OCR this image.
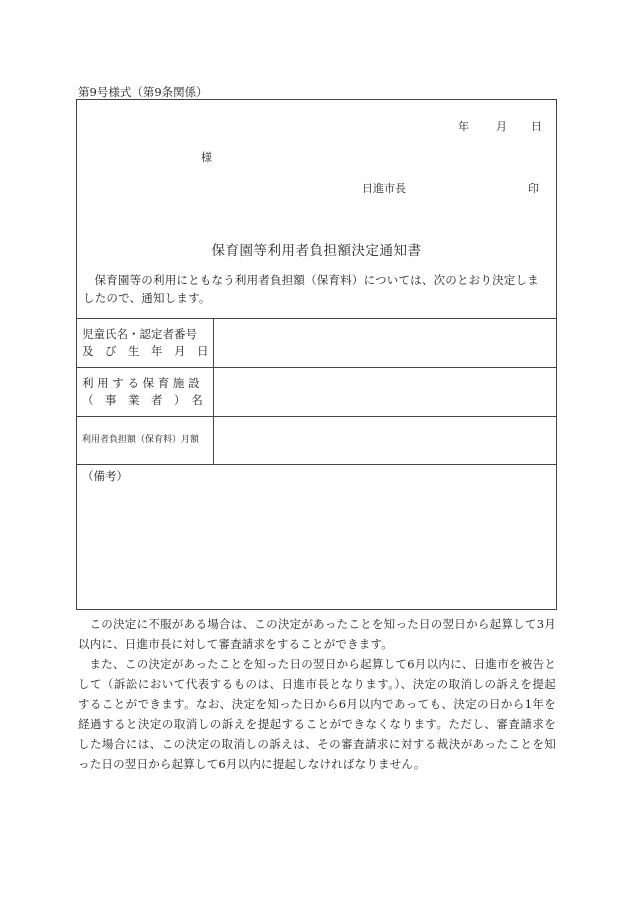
第9号様式（第9条関係）
年 月 日
様
日進市長	印
保育園等利用者負担額決定通知書
保育園等の利用にともなう利用者負担額（保育料）については、次のとおり決定しましたので、通知します。
児童氏名・認定者番号
及　び　生　年　月　日
利 用 す る 保 育 施 設
（　事　業　者　）　名
利用者負担額（保育料）月額
（備考）

この決定に不服がある場合は、この決定があったことを知った日の翌日から起算して3月以内に、日進市長に対して審査請求をすることができます。

また、この決定があったことを知った日の翌日から起算して6月以内に、日進市を被告として（訴訟において代表するものは、日進市長となります。）、決定の取消しの訴えを提起することができます。なお、決定を知った日から6月以内であっても、決定の日から1年を経過すると決定の取消しの訴えを提起することができなくなります。ただし、審査請求をした場合には、この決定の取消しの訴えは、その審査請求に対する裁決があったことを知った日の翌日から起算して6月以内に提起しなければなりません。
